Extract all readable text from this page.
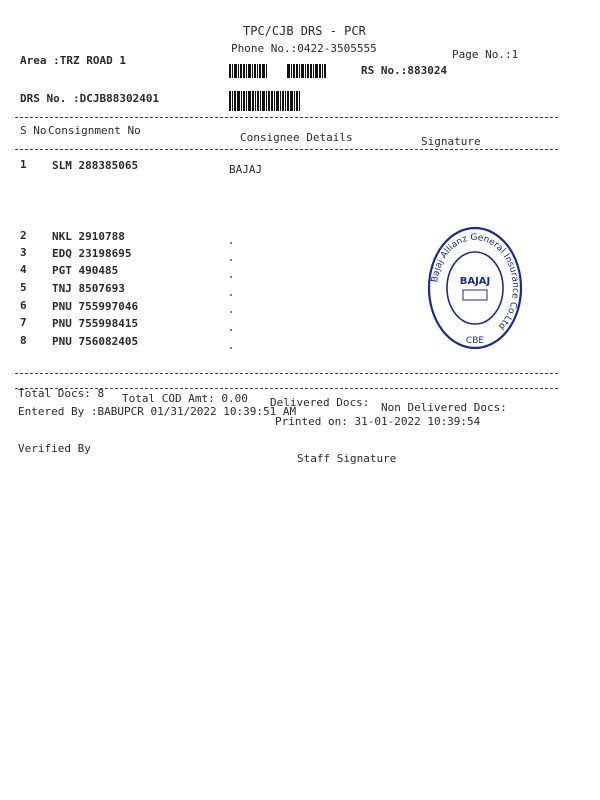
TPC/CJB DRS - PCR
Phone No.:0422-3505555	Page No.:1
Area :TRZ ROAD 1
RS No.:883024
DRS No. :DCJB88302401
S No Consignment No
Consignee Details	Signature
1 SLM 288385065	BAJAJ
2 NKL 2910788
3 EDQ 23198695
4 PGT 490485
5 TNJ 8507693
6 PNU 755997046
7 PNU 755998415
8 PNU 756082405
Bajaj Allianz General Insurance Co.Ltd
BAJAJ
CBE
Total Docs: 8 Total COD Amt: 0.00 Delivered Docs: Non Delivered Docs:
Entered By :BABUPCR 01/31/2022 10:39:51 AM
Printed on: 31-01-2022 10:39:54
Verified By
Staff Signature
